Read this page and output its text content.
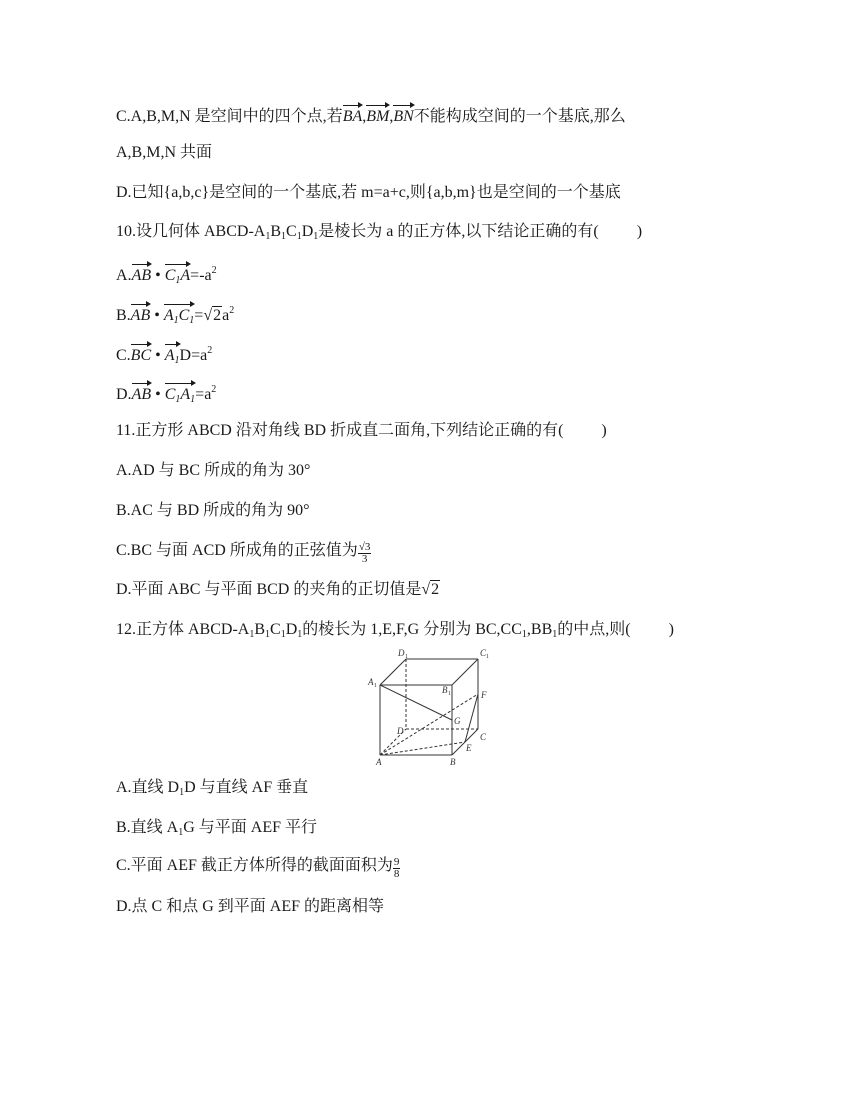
C.A,B,M,N 是空间中的四个点,若BA,BM,BN不能构成空间的一个基底,那么
A,B,M,N 共面
D.已知{a,b,c}是空间的一个基底,若 m=a+c,则{a,b,m}也是空间的一个基底
10.设几何体 ABCD-$A_1B_1C_1D_1$是棱长为 a 的正方体,以下结论正确的有( )
A.AB • $C_1A=-a^2$
B.AB • $A_1C_1=√2a^2$
C.BC • $A_1D=a^2$
D.AB • $C_1A_1=a^2$
11.正方形 ABCD 沿对角线 BD 折成直二面角,下列结论正确的有( )
A.AD 与 BC 所成的角为 30°
B.AC 与 BD 所成的角为 90°
C.BC 与面 ACD 所成角的正弦值为 $\frac{√3}{3}$
D.平面 ABC 与平面 BCD 的夹角的正切值是√2
12.正方体 ABCD-$A_1B_1C_1D_1$的棱长为 1,E,F,G 分别为 $BC,CC_1,BB_1$的中点,则( )
D 1	C 1
A 1	B 1	F
G
D
C
E
A	B
A.直线 $D_1D$ 与直线 AF 垂直
B.直线 $A_1G$ 与平面 AEF 平行
C.平面 AEF 截正方体所得的截面面积为 $\frac{9}{8}$
D.点 C 和点 G 到平面 AEF 的距离相等
